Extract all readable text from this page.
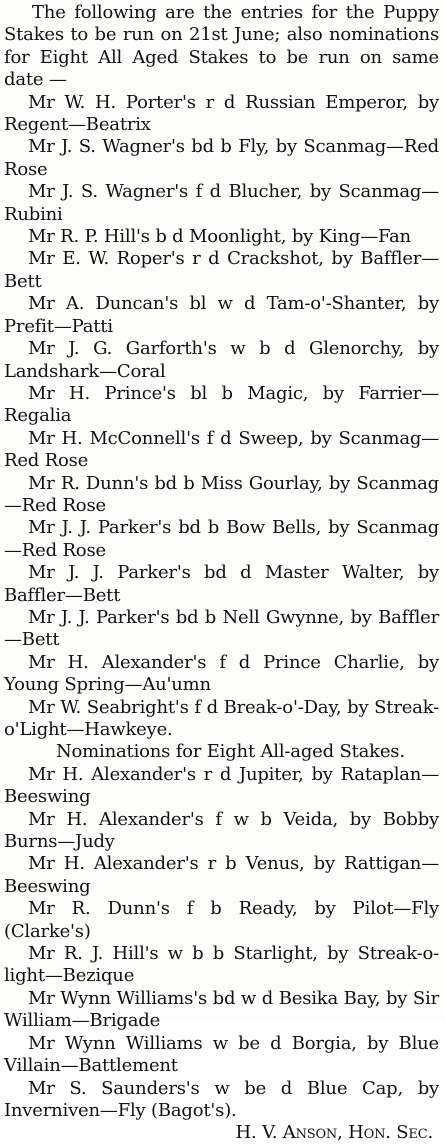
The following are the entries for the Puppy Stakes to be run on 21st June; also nominations for Eight All Aged Stakes to be run on same date —

Mr W. H. Porter's r d Russian Emperor, by Regent—Beatrix

Mr J. S. Wagner's bd b Fly, by Scanmag—Red Rose

Mr J. S. Wagner's f d Blucher, by Scanmag—Rubini

Mr R. P. Hill's b d Moonlight, by King—Fan

Mr E. W. Roper's r d Crackshot, by Baffler—Bett

Mr A. Duncan's bl w d Tam-o'-Shanter, by Prefit—Patti

Mr J. G. Garforth's w b d Glenorchy, by Landshark—Coral

Mr H. Prince's bl b Magic, by Farrier—Regalia

Mr H. McConnell's f d Sweep, by Scanmag—Red Rose

Mr R. Dunn's bd b Miss Gourlay, by Scanmag—Red Rose

Mr J. J. Parker's bd b Bow Bells, by Scanmag—Red Rose

Mr J. J. Parker's bd d Master Walter, by Baffler—Bett

Mr J. J. Parker's bd b Nell Gwynne, by Baffler—Bett

Mr H. Alexander's f d Prince Charlie, by Young Spring—Au'umn

Mr W. Seabright's f d Break-o'-Day, by Streak-o'Light—Hawkeye.

Nominations for Eight All-aged Stakes.

Mr H. Alexander's r d Jupiter, by Rataplan—Beeswing

Mr H. Alexander's f w b Veida, by Bobby Burns—Judy

Mr H. Alexander's r b Venus, by Rattigan—Beeswing

Mr R. Dunn's f b Ready, by Pilot—Fly (Clarke's)

Mr R. J. Hill's w b b Starlight, by Streak-o-light—Bezique

Mr Wynn Williams's bd w d Besika Bay, by Sir William—Brigade

Mr Wynn Williams w be d Borgia, by Blue Villain—Battlement

Mr S. Saunders's w be d Blue Cap, by Inverniven—Fly (Bagot's).

H. V. Anson, Hon. Sec.
